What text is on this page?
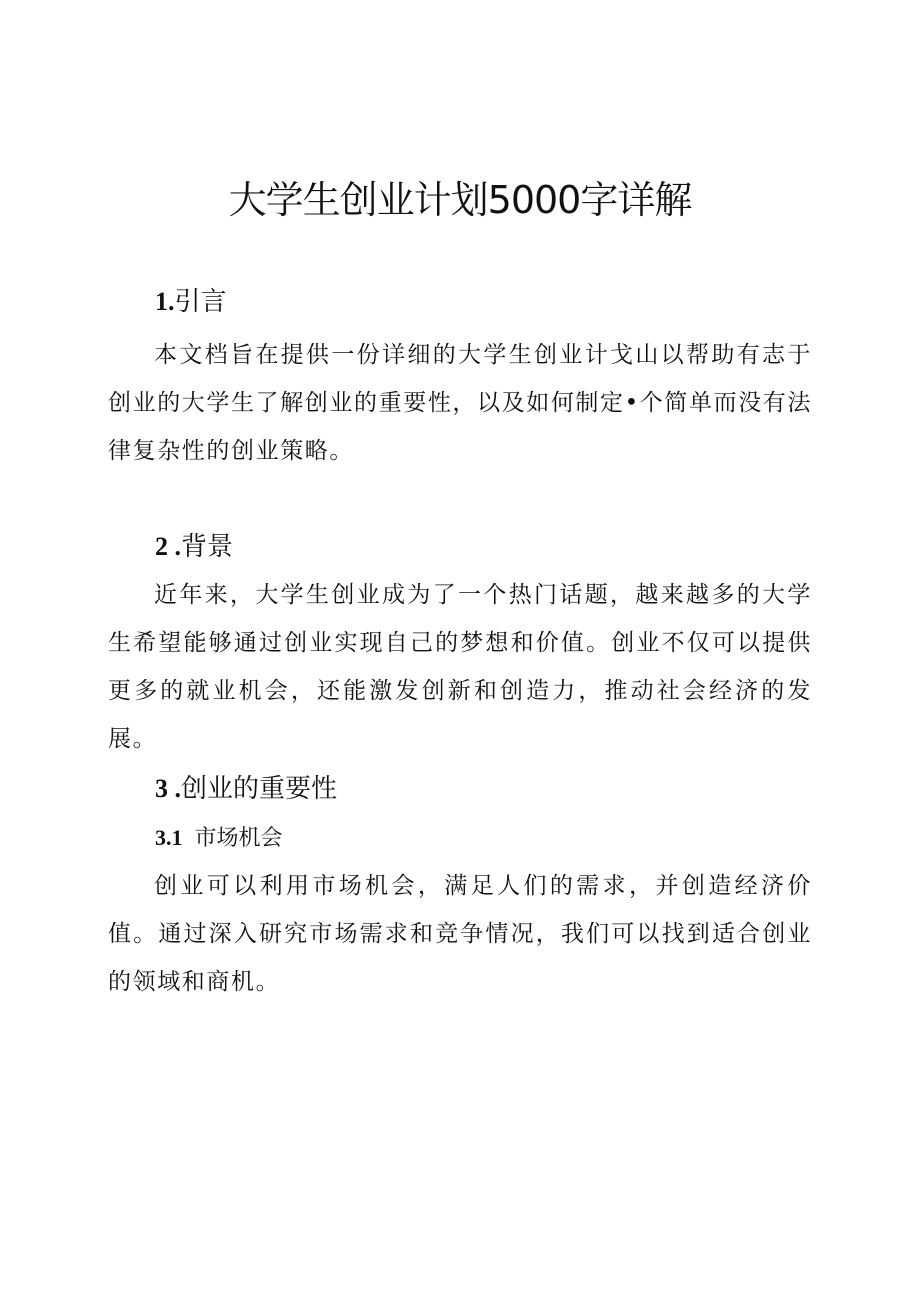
大学生创业计划5000字详解
1.引言

本文档旨在提供一份详细的大学生创业计戈山以帮助有志于创业的大学生了解创业的重要性，以及如何制定•个简单而没有法律复杂性的创业策略。

2 .背景

近年来，大学生创业成为了一个热门话题，越来越多的大学生希望能够通过创业实现自己的梦想和价值。创业不仅可以提供更多的就业机会，还能激发创新和创造力，推动社会经济的发展。

3 .创业的重要性
3.1 市场机会

创业可以利用市场机会，满足人们的需求，并创造经济价值。通过深入研究市场需求和竞争情况，我们可以找到适合创业的领域和商机。
